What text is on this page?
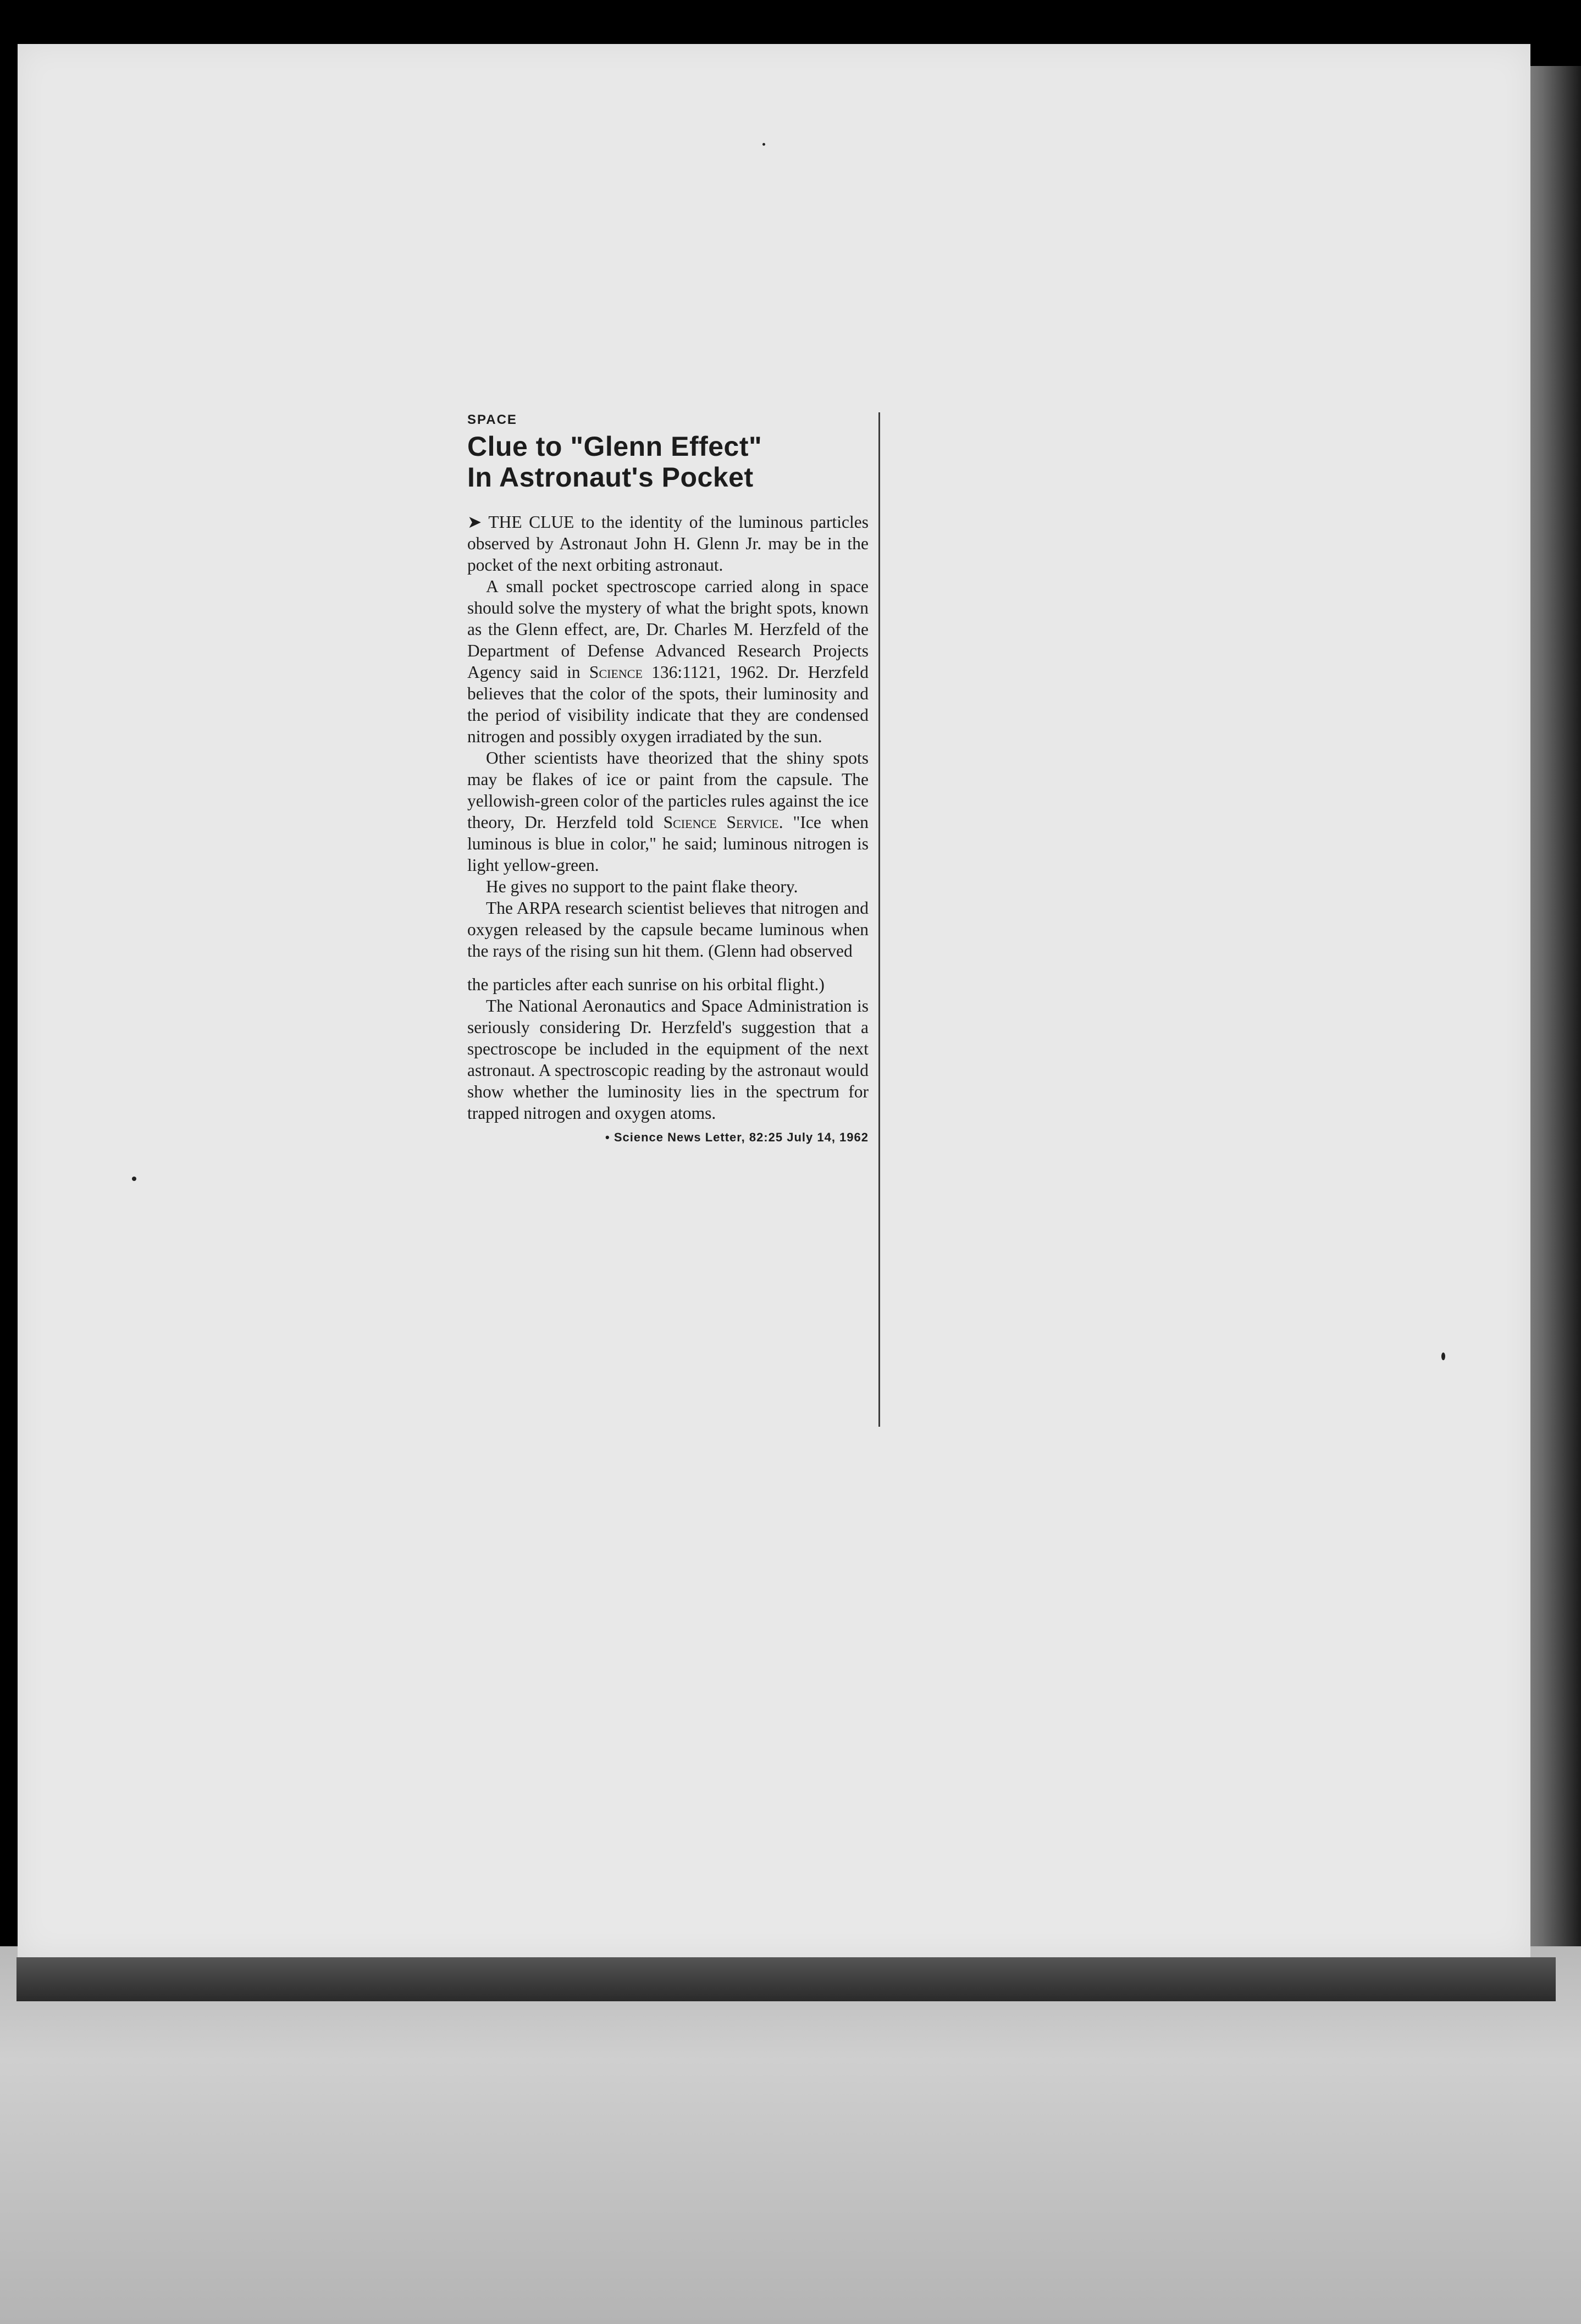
SPACE
Clue to "Glenn Effect"
In Astronaut's Pocket

➤ THE CLUE to the identity of the luminous particles observed by Astronaut John H. Glenn Jr. may be in the pocket of the next orbiting astronaut.

A small pocket spectroscope carried along in space should solve the mystery of what the bright spots, known as the Glenn effect, are, Dr. Charles M. Herzfeld of the Department of Defense Advanced Research Projects Agency said in Science 136:1121, 1962. Dr. Herzfeld believes that the color of the spots, their luminosity and the period of visibility indicate that they are condensed nitrogen and possibly oxygen irradiated by the sun.

Other scientists have theorized that the shiny spots may be flakes of ice or paint from the capsule. The yellowish-green color of the particles rules against the ice theory, Dr. Herzfeld told Science Service. "Ice when luminous is blue in color," he said; luminous nitrogen is light yellow-green.

He gives no support to the paint flake theory.

The ARPA research scientist believes that nitrogen and oxygen released by the capsule became luminous when the rays of the rising sun hit them. (Glenn had observed

the particles after each sunrise on his orbital flight.)

The National Aeronautics and Space Administration is seriously considering Dr. Herzfeld's suggestion that a spectroscope be included in the equipment of the next astronaut. A spectroscopic reading by the astronaut would show whether the luminosity lies in the spectrum for trapped nitrogen and oxygen atoms.

• Science News Letter, 82:25 July 14, 1962
